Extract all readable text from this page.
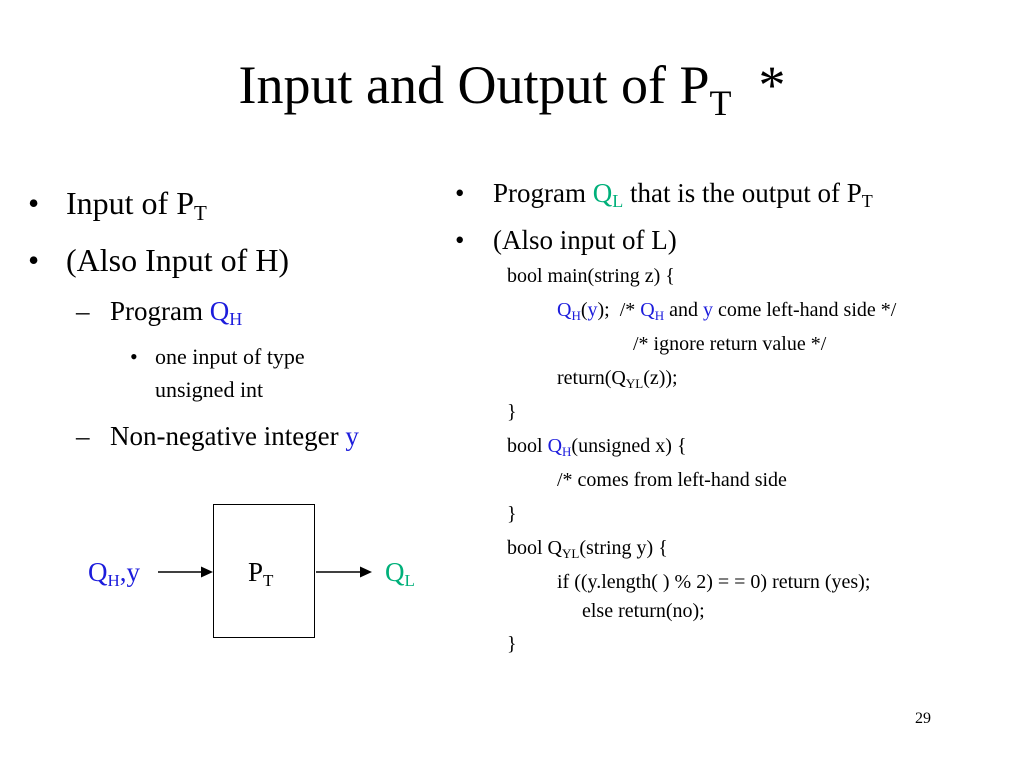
Input and Output of $P_T$ *
• Input of $P_T$
• (Also Input of H)
– Program $Q_H$
• one input of type
unsigned int
– Non-negative integer y
$Q_H,y$	$P_T$	$Q_L$
• Program $Q_L$ that is the output of $P_T$
• (Also input of L)
bool main(string z) {
$Q_H(y)$;  /* $Q_H$ and y come left-hand side */
/* ignore return value */
$return(Q_{YL}(z))$;
}
bool $Q_H(unsigned$ x) {
/* comes from left-hand side
}
bool $Q_{YL}(string$ y) {
if ((y.length( ) % 2) = = 0) return (yes);
else return(no);
}
29
